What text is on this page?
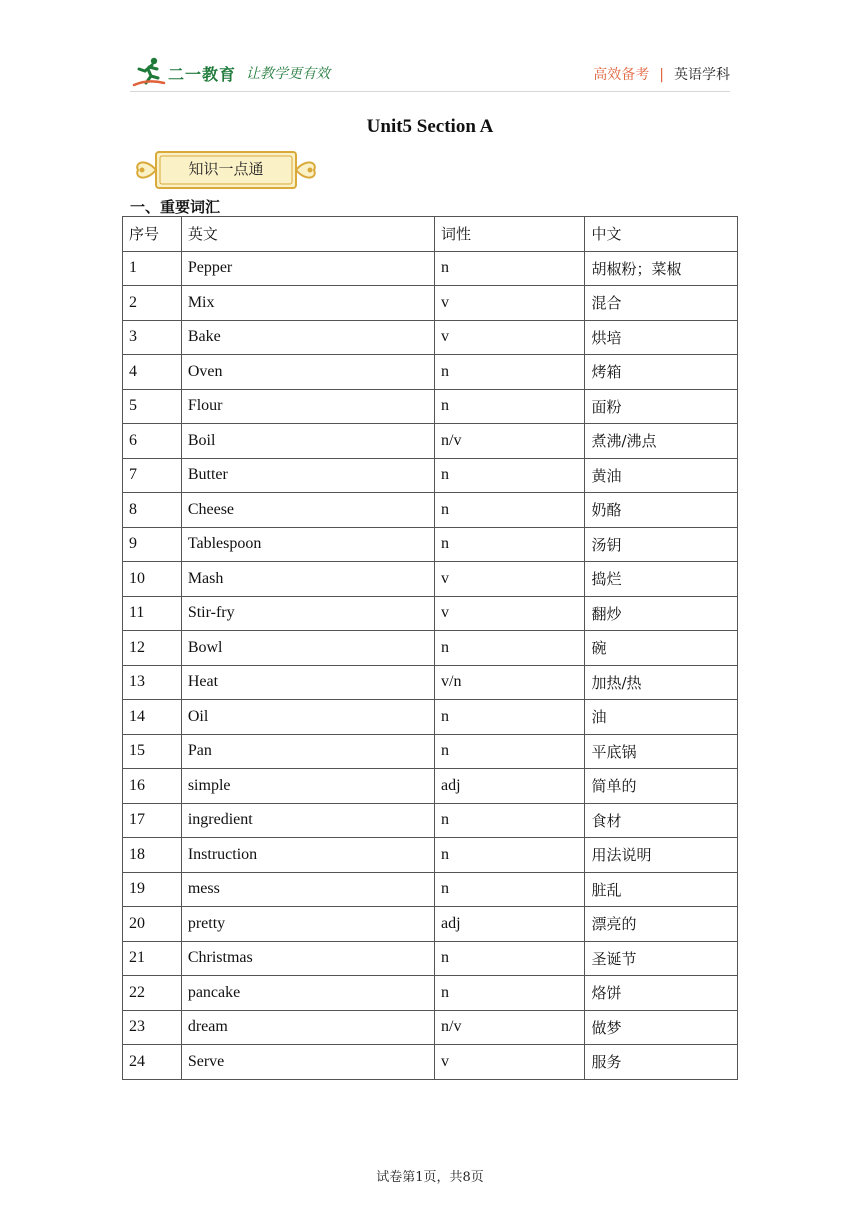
二一教育 让教学更有效	高效备考 | 英语学科
Unit5 Section A
知识一点通
一、重要词汇
序号	英文	词性	中文
1	Pepper	n	胡椒粉；菜椒
2	Mix	v	混合
3	Bake	v	烘培
4	Oven	n	烤箱
5	Flour	n	面粉
6	Boil	n/v	煮沸/沸点
7	Butter	n	黄油
8	Cheese	n	奶酪
9	Tablespoon	n	汤钥
10	Mash	v	捣烂
11	Stir-fry	v	翻炒
12	Bowl	n	碗
13	Heat	v/n	加热/热
14	Oil	n	油
15	Pan	n	平底锅
16	simple	adj	简单的
17	ingredient	n	食材
18	Instruction	n	用法说明
19	mess	n	脏乱
20	pretty	adj	漂亮的
21	Christmas	n	圣诞节
22	pancake	n	烙饼
23	dream	n/v	做梦
24	Serve	v	服务
试卷第1页，共8页
